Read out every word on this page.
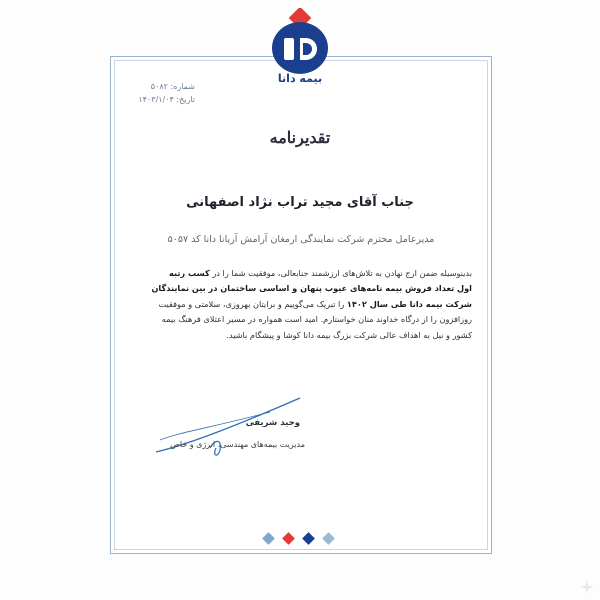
بیمه دانا
شماره: ۵۰۸۲
تاریخ: ۱۴۰۳/۱/۰۴
تقدیرنامه
جناب آقای مجید تراب نژاد اصفهانی
مدیرعامل محترم شرکت نمایندگی ارمغان آرامش آریانا دانا کد ۵۰۵۷
بدینوسیله ضمن ارج نهادن به تلاش‌های ارزشمند جنابعالی، موفقیت شما را در کسب رتبه
اول تعداد فروش بیمه نامه‌های عیوب پنهان و اساسی ساختمان در بین نمایندگان
شرکت بیمه دانا طی سال ۱۴۰۲ را تبریک می‌گوییم و برایتان بهروزی، سلامتی و موفقیت
روزافزون را از درگاه خداوند منان خواستارم. امید است همواره در مسیر اعتلای فرهنگ بیمه
کشور و نیل به اهداف عالی شرکت بزرگ بیمه دانا کوشا و پیشگام باشید.
وحید شریفی
مدیریت بیمه‌های مهندسی، انرژی و خاص
